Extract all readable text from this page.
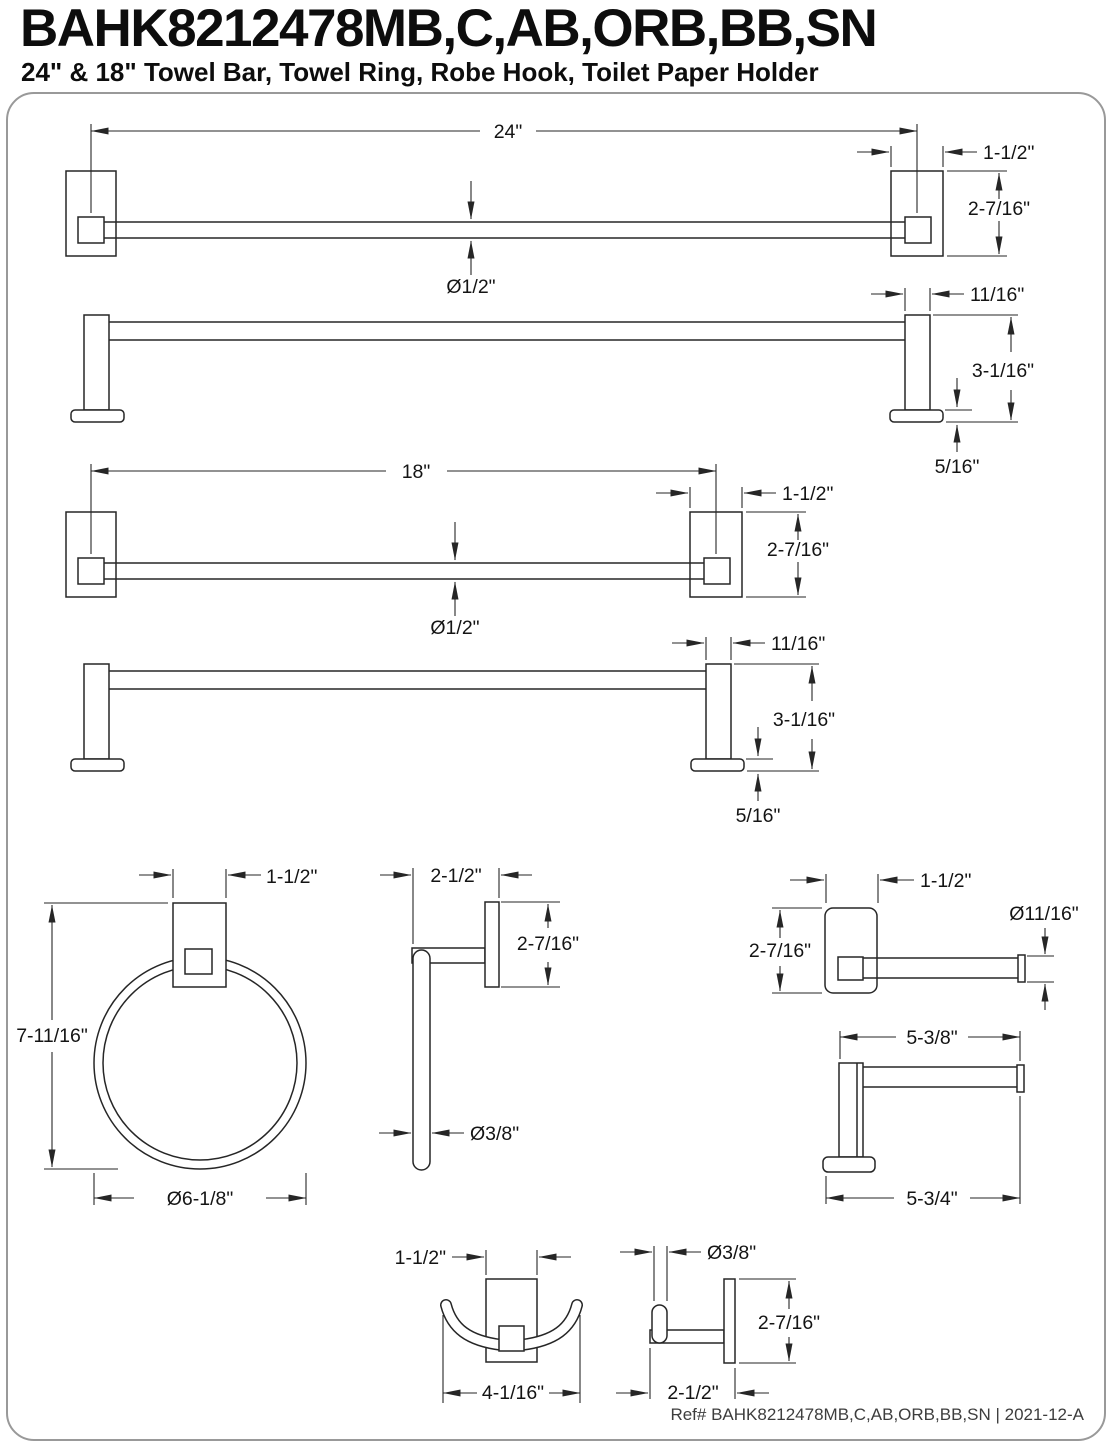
BAHK8212478MB,C,AB,ORB,BB,SN
24" & 18" Towel Bar, Towel Ring, Robe Hook, Toilet Paper Holder
24"
1-1/2"
2-7/16"
Ø1/2"	11/16"
3-1/16"
5/16"
18"
1-1/2"
2-7/16"
Ø1/2"
11/16"
3-1/16"
5/16"
1-1/2"
7-11/16"
Ø6-1/8"
2-1/2"
2-7/16"
Ø3/8"
1-1/2"
2-7/16"
Ø11/16"
5-3/8"
5-3/4"
1-1/2"
4-1/16"
Ø3/8"
2-7/16"
2-1/2"
Ref# BAHK8212478MB,C,AB,ORB,BB,SN | 2021-12-A
